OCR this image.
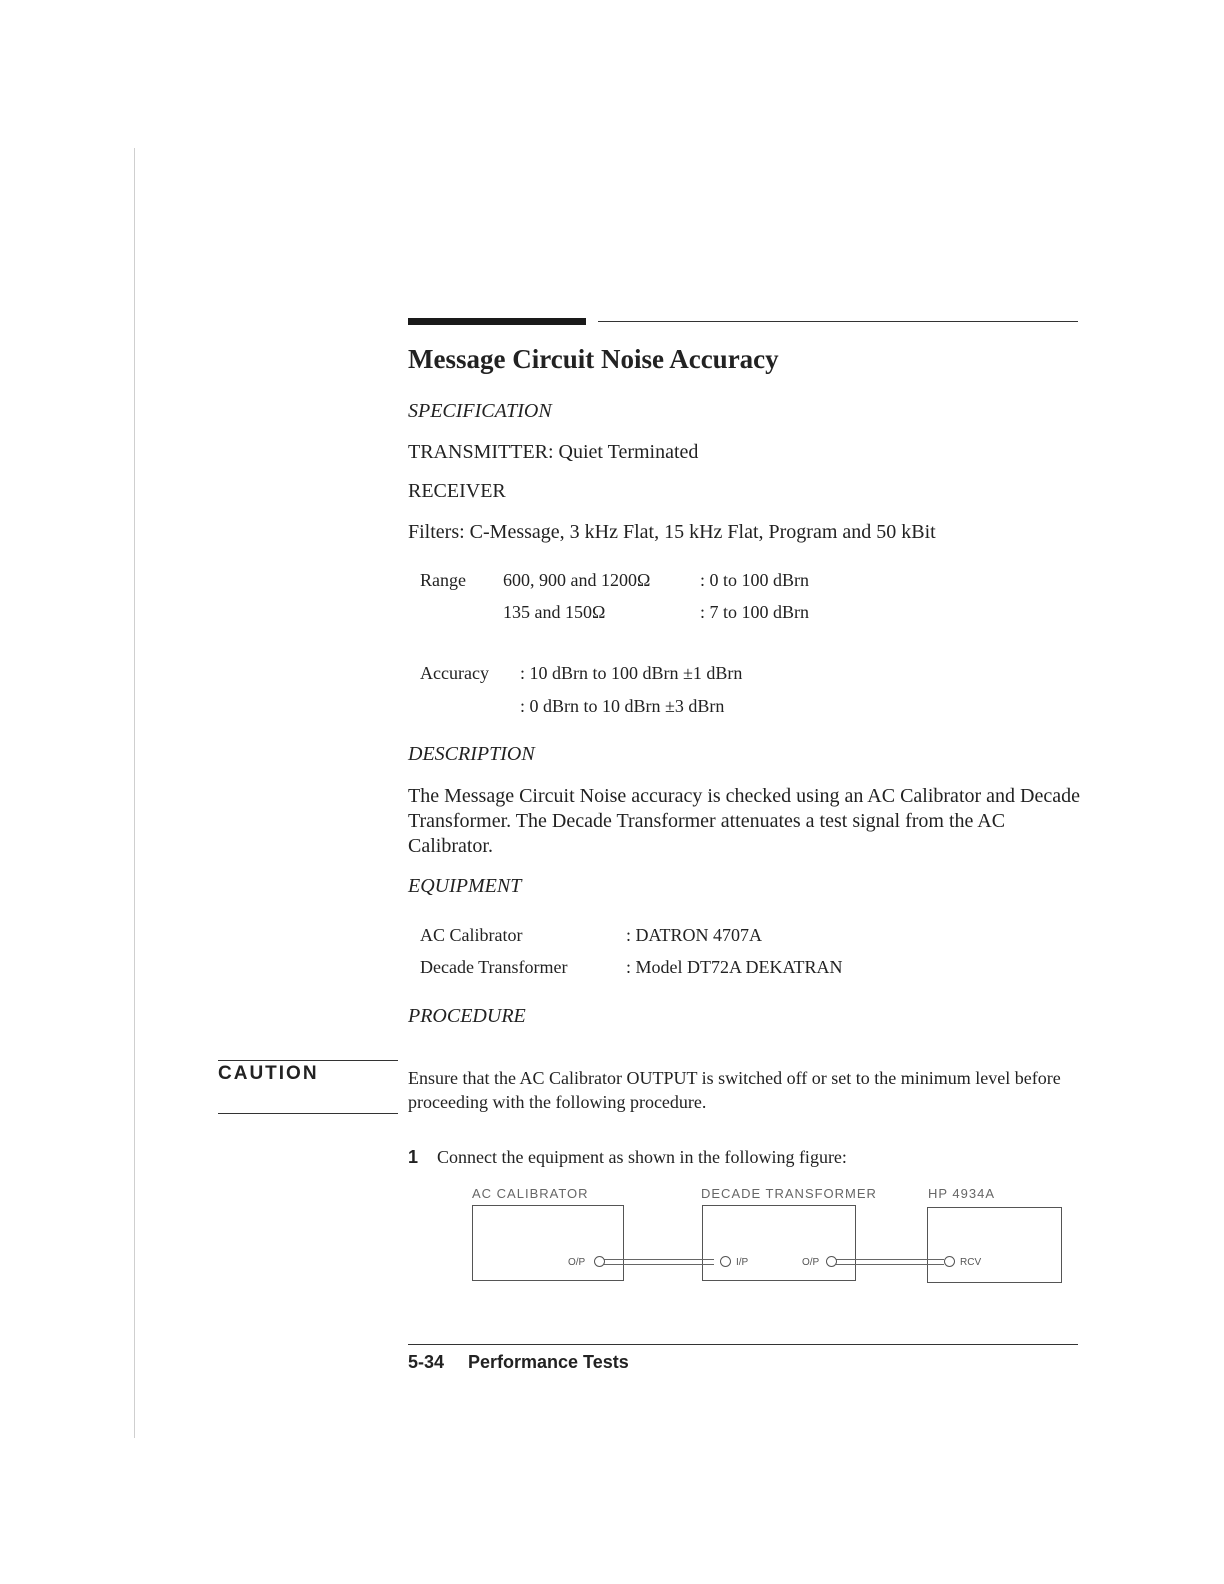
Message Circuit Noise Accuracy
SPECIFICATION
TRANSMITTER: Quiet Terminated
RECEIVER
Filters: C-Message, 3 kHz Flat, 15 kHz Flat, Program and 50 kBit
Range 600, 900 and 1200Ω	: 0 to 100 dBrn
135 and 150Ω	: 7 to 100 dBrn
Accuracy : 10 dBrn to 100 dBrn ±1 dBrn
: 0 dBrn to 10 dBrn ±3 dBrn
DESCRIPTION
The Message Circuit Noise accuracy is checked using an AC Calibrator and Decade Transformer. The Decade Transformer attenuates a test signal from the AC Calibrator.
EQUIPMENT
AC Calibrator	: DATRON 4707A
Decade Transformer	: Model DT72A DEKATRAN
PROCEDURE
CAUTION	Ensure that the AC Calibrator OUTPUT is switched off or set to the minimum level before proceeding with the following procedure.
1 Connect the equipment as shown in the following figure:
AC CALIBRATOR	DECADE TRANSFORMER	HP 4934A
O/P	I/P	O/P	RCV
5-34 Performance Tests
